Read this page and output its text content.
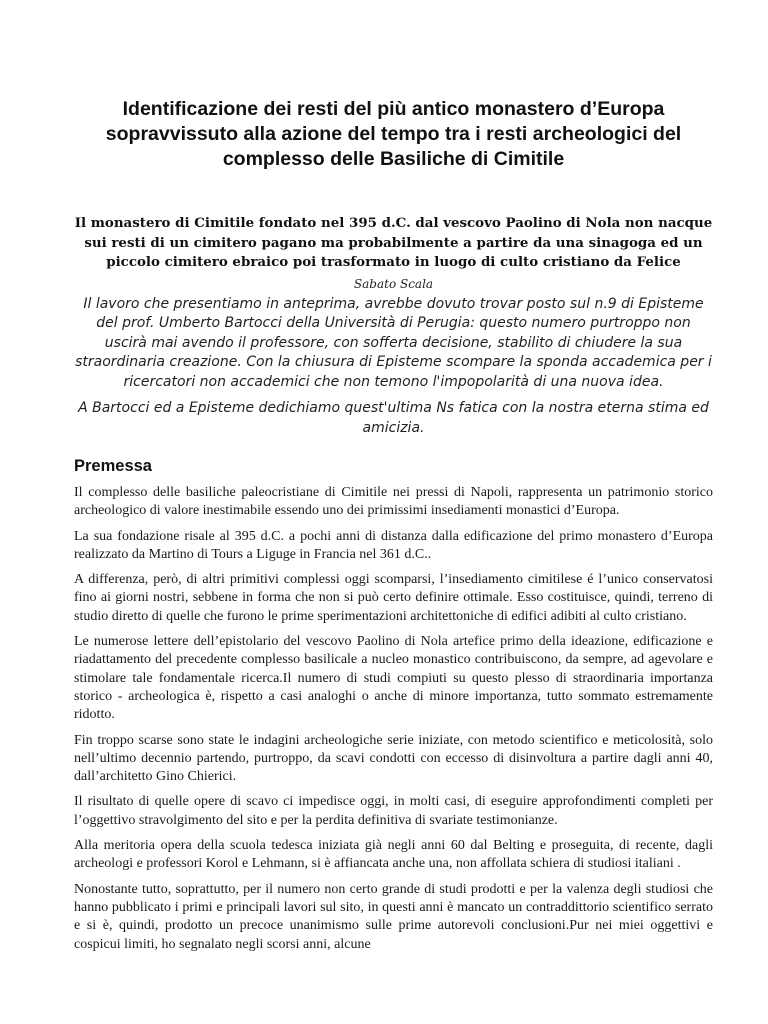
Identificazione dei resti del più antico monastero d’Europa sopravvissuto alla azione del tempo tra i resti archeologici del complesso delle Basiliche di Cimitile

Il monastero di Cimitile fondato nel 395 d.C. dal vescovo Paolino di Nola non nacque sui resti di un cimitero pagano ma probabilmente a partire da una sinagoga ed un piccolo cimitero ebraico poi trasformato in luogo di culto cristiano da Felice

Sabato Scala

Il lavoro che presentiamo in anteprima, avrebbe dovuto trovar posto sul n.9 di Episteme del prof. Umberto Bartocci della Università di Perugia: questo numero purtroppo non uscirà mai avendo il professore, con sofferta decisione, stabilito di chiudere la sua straordinaria creazione. Con la chiusura di Episteme scompare la sponda accademica per i ricercatori non accademici che non temono l'impopolarità di una nuova idea.

A Bartocci ed a Episteme dedichiamo quest'ultima Ns fatica con la nostra eterna stima ed amicizia.

Premessa

Il complesso delle basiliche paleocristiane di Cimitile nei pressi di Napoli, rappresenta un patrimonio storico archeologico di valore inestimabile essendo uno dei primissimi insediamenti monastici d’Europa.

La sua fondazione risale al 395 d.C. a pochi anni di distanza dalla edificazione del primo monastero d’Europa realizzato da Martino di Tours a Liguge in Francia nel 361 d.C..

A differenza, però, di altri primitivi complessi oggi scomparsi, l’insediamento cimitilese é l’unico conservatosi fino ai giorni nostri, sebbene in forma che non si può certo definire ottimale. Esso costituisce, quindi, terreno di studio diretto di quelle che furono le prime sperimentazioni architettoniche di edifici adibiti al culto cristiano.

Le numerose lettere dell’epistolario del vescovo Paolino di Nola artefice primo della ideazione, edificazione e riadattamento del precedente complesso basilicale a nucleo monastico contribuiscono, da sempre, ad agevolare e stimolare tale fondamentale ricerca.Il numero di studi compiuti su questo plesso di straordinaria importanza storico - archeologica è, rispetto a casi analoghi o anche di minore importanza, tutto sommato estremamente ridotto.

Fin troppo scarse sono state le indagini archeologiche serie iniziate, con metodo scientifico e meticolosità, solo nell’ultimo decennio partendo, purtroppo, da scavi condotti con eccesso di disinvoltura a partire dagli anni 40, dall’architetto Gino Chierici.

Il risultato di quelle opere di scavo ci impedisce oggi, in molti casi, di eseguire approfondimenti completi per l’oggettivo stravolgimento del sito e per la perdita definitiva di svariate testimonianze.

Alla meritoria opera della scuola tedesca iniziata già negli anni 60 dal Belting e proseguita, di recente, dagli archeologi e professori Korol e Lehmann, si è affiancata anche una, non affollata schiera di studiosi italiani .

Nonostante tutto, soprattutto, per il numero non certo grande di studi prodotti e per la valenza degli studiosi che hanno pubblicato i primi e principali lavori sul sito, in questi anni è mancato un contraddittorio scientifico serrato e si è, quindi, prodotto un precoce unanimismo sulle prime autorevoli conclusioni.Pur nei miei oggettivi e cospicui limiti, ho segnalato negli scorsi anni, alcune
